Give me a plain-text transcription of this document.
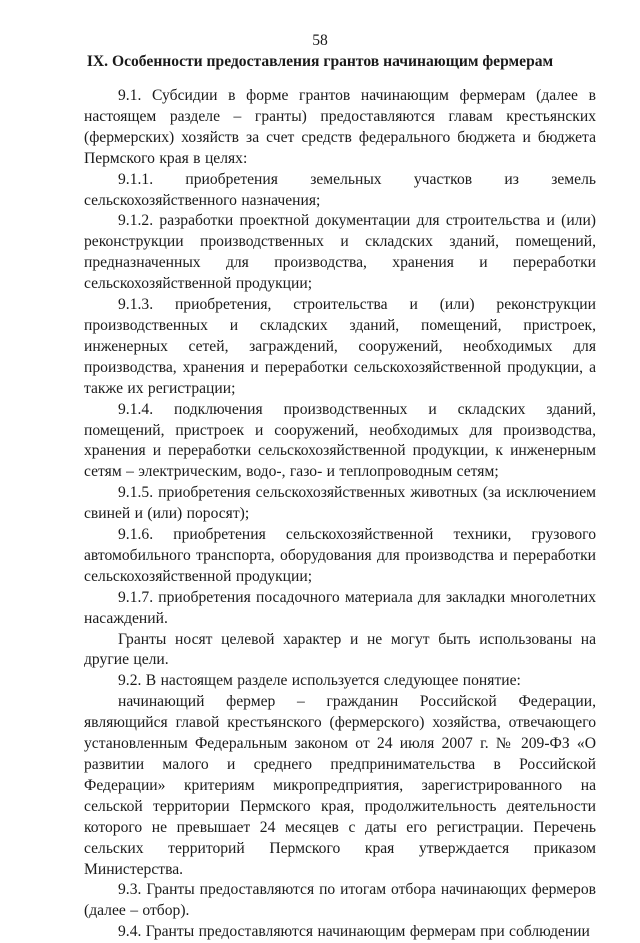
58
IX. Особенности предоставления грантов начинающим фермерам

9.1. Субсидии в форме грантов начинающим фермерам (далее в настоящем разделе – гранты) предоставляются главам крестьянских (фермерских) хозяйств за счет средств федерального бюджета и бюджета Пермского края в целях:

9.1.1. приобретения земельных участков из земель сельскохозяйственного назначения;

9.1.2. разработки проектной документации для строительства и (или) реконструкции производственных и складских зданий, помещений, предназначенных для производства, хранения и переработки сельскохозяйственной продукции;

9.1.3. приобретения, строительства и (или) реконструкции производственных и складских зданий, помещений, пристроек, инженерных сетей, заграждений, сооружений, необходимых для производства, хранения и переработки сельскохозяйственной продукции, а также их регистрации;

9.1.4. подключения производственных и складских зданий, помещений, пристроек и сооружений, необходимых для производства, хранения и переработки сельскохозяйственной продукции, к инженерным сетям – электрическим, водо-, газо- и теплопроводным сетям;

9.1.5. приобретения сельскохозяйственных животных (за исключением свиней и (или) поросят);

9.1.6. приобретения сельскохозяйственной техники, грузового автомобильного транспорта, оборудования для производства и переработки сельскохозяйственной продукции;

9.1.7. приобретения посадочного материала для закладки многолетних насаждений.

Гранты носят целевой характер и не могут быть использованы на другие цели.

9.2. В настоящем разделе используется следующее понятие:

начинающий фермер – гражданин Российской Федерации, являющийся главой крестьянского (фермерского) хозяйства, отвечающего установленным Федеральным законом от 24 июля 2007 г. № 209-ФЗ «О развитии малого и среднего предпринимательства в Российской Федерации» критериям микропредприятия, зарегистрированного на сельской территории Пермского края, продолжительность деятельности которого не превышает 24 месяцев с даты его регистрации. Перечень сельских территорий Пермского края утверждается приказом Министерства.

9.3. Гранты предоставляются по итогам отбора начинающих фермеров (далее – отбор).

9.4. Гранты предоставляются начинающим фермерам при соблюдении
